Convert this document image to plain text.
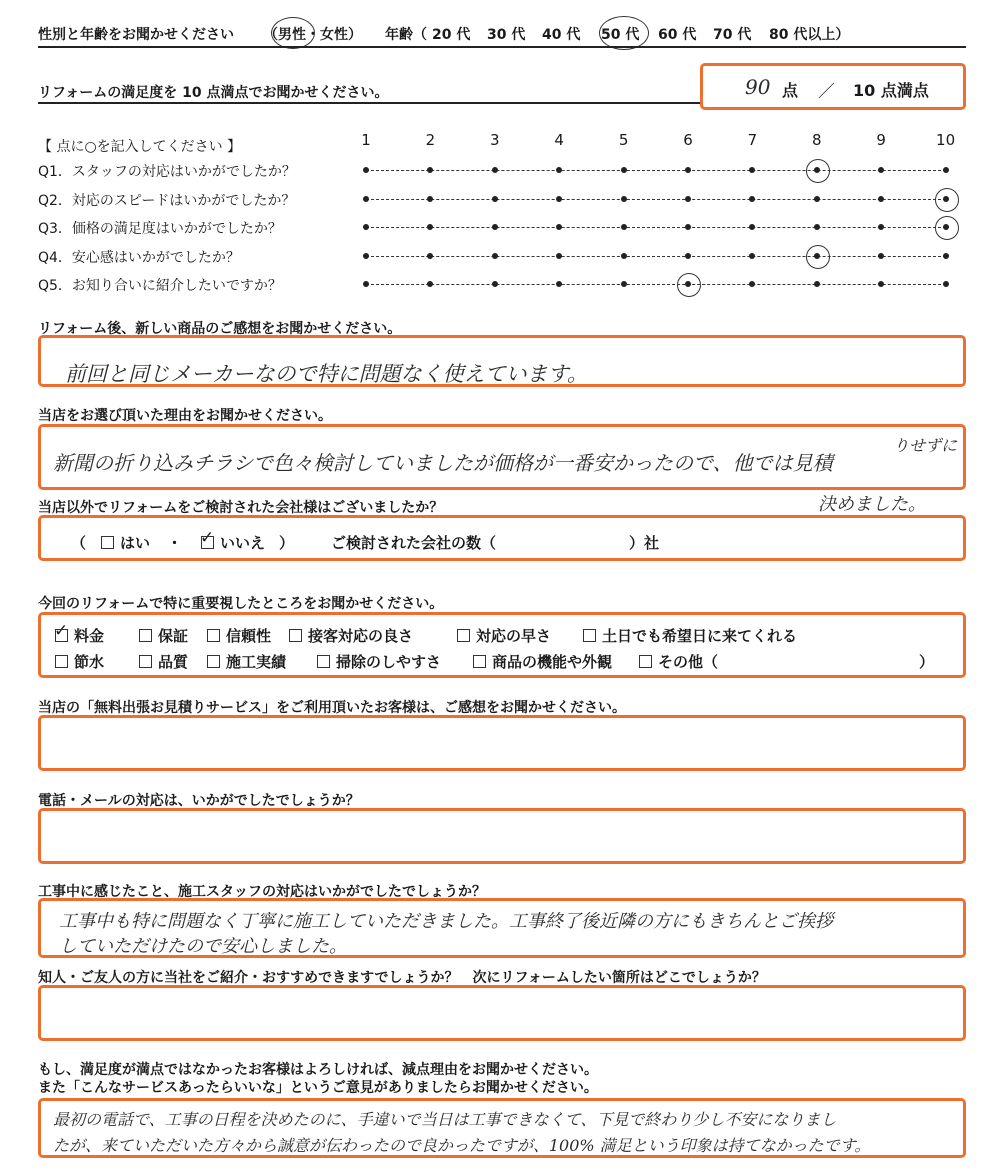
性別と年齢をお聞かせください （男性・女性） 年齢（ 20 代 30 代 40 代 50 代 60 代 70 代 80 代以上）
リフォームの満足度を 10 点満点でお聞かせください。	90 点 ／ 10 点満点
【 点に○を記入してください 】	1	2	3	4	5	6	7	8	9	10
Q1．スタッフの対応はいかがでしたか？
Q2．対応のスピードはいかがでしたか？
Q3．価格の満足度はいかがでしたか？
Q4．安心感はいかがでしたか？
Q5．お知り合いに紹介したいですか？
リフォーム後、新しい商品のご感想をお聞かせください。
前回と同じメーカーなので特に問題なく使えています。
当店をお選び頂いた理由をお聞かせください。
新聞の折り込みチラシで色々検討していましたが価格が一番安かったので、他では見積
りせずに
決めました。
当店以外でリフォームをご検討された会社様はございましたか？
（	はい ・
✓	いいえ ） ご検討された会社の数（	）社
今回のリフォームで特に重要視したところをお聞かせください。
✓料金	保証	信頼性	接客対応の良さ	対応の早さ	土日でも希望日に来てくれる
節水	品質	施工実績	掃除のしやすさ	商品の機能や外観	その他（	）
当店の「無料出張お見積りサービス」をご利用頂いたお客様は、ご感想をお聞かせください。
電話・メールの対応は、いかがでしたでしょうか？
工事中に感じたこと、施工スタッフの対応はいかがでしたでしょうか？
工事中も特に問題なく丁寧に施工していただきました。工事終了後近隣の方にもきちんとご挨拶
していただけたので安心しました。
知人・ご友人の方に当社をご紹介・おすすめできますでしょうか？　次にリフォームしたい箇所はどこでしょうか？
もし、満足度が満点ではなかったお客様はよろしければ、減点理由をお聞かせください。
また「こんなサービスあったらいいな」というご意見がありましたらお聞かせください。
最初の電話で、工事の日程を決めたのに、手違いで当日は工事できなくて、下見で終わり少し不安になりまし
たが、来ていただいた方々から誠意が伝わったので良かったですが、100% 満足という印象は持てなかったです。
